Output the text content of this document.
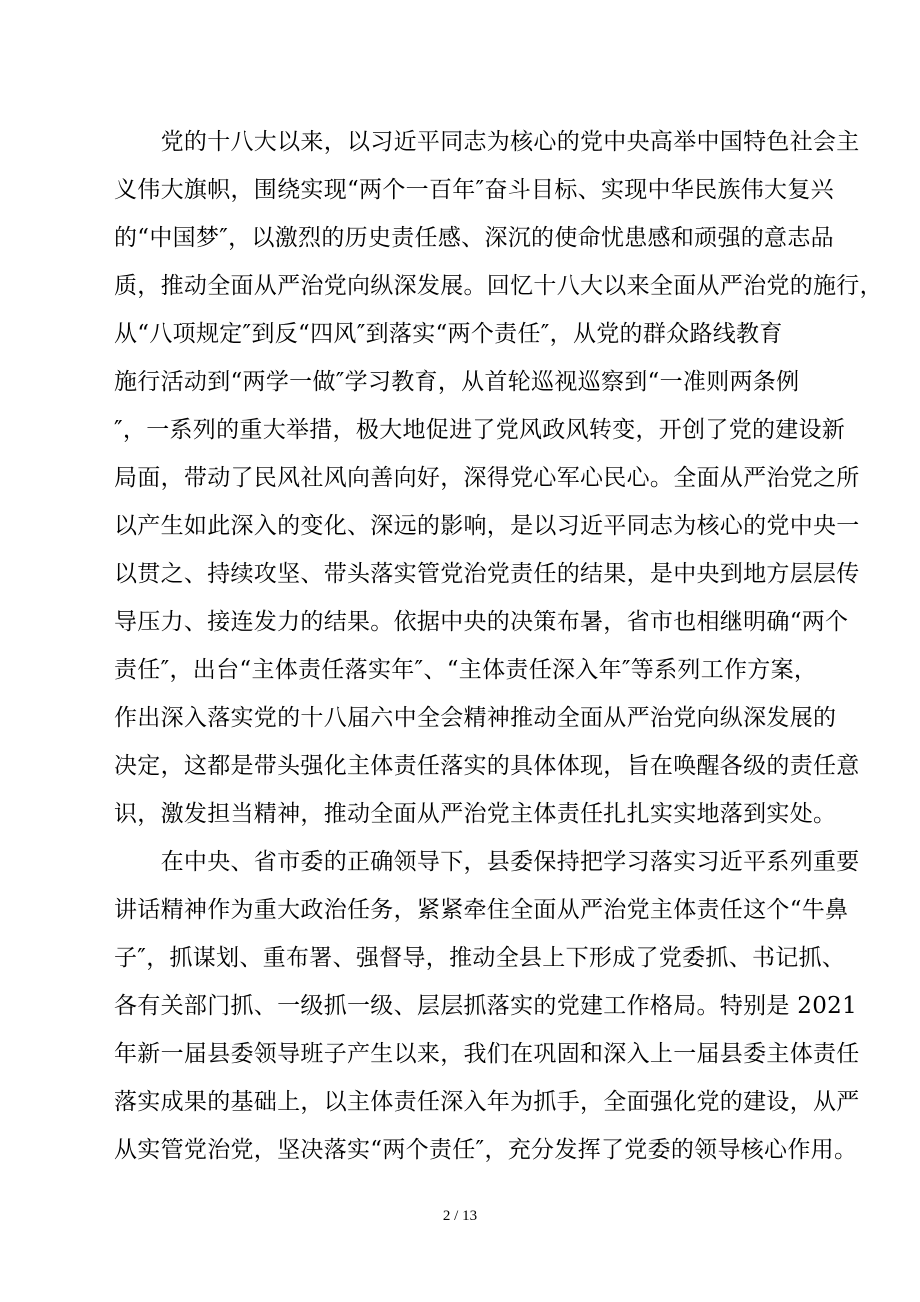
　　党的十八大以来，以习近平同志为核心的党中央高举中国特色社会主
义伟大旗帜，围绕实现“两个一百年″奋斗目标、实现中华民族伟大复兴
的“中国梦″，以激烈的历史责任感、深沉的使命忧患感和顽强的意志品
质，推动全面从严治党向纵深发展。回忆十八大以来全面从严治党的施行，
从“八项规定″到反“四风″到落实“两个责任″，从党的群众路线教育
施行活动到“两学一做″学习教育，从首轮巡视巡察到“一准则两条例
″，一系列的重大举措，极大地促进了党风政风转变，开创了党的建设新
局面，带动了民风社风向善向好，深得党心军心民心。全面从严治党之所
以产生如此深入的变化、深远的影响，是以习近平同志为核心的党中央一
以贯之、持续攻坚、带头落实管党治党责任的结果，是中央到地方层层传
导压力、接连发力的结果。依据中央的决策布暑，省市也相继明确“两个
责任″，出台“主体责任落实年″、“主体责任深入年″等系列工作方案，
作出深入落实党的十八届六中全会精神推动全面从严治党向纵深发展的
决定，这都是带头强化主体责任落实的具体体现，旨在唤醒各级的责任意
识，激发担当精神，推动全面从严治党主体责任扎扎实实地落到实处。
　　在中央、省市委的正确领导下，县委保持把学习落实习近平系列重要
讲话精神作为重大政治任务，紧紧牵住全面从严治党主体责任这个“牛鼻
子″，抓谋划、重布署、强督导，推动全县上下形成了党委抓、书记抓、
各有关部门抓、一级抓一级、层层抓落实的党建工作格局。特别是 2021
年新一届县委领导班子产生以来，我们在巩固和深入上一届县委主体责任
落实成果的基础上，以主体责任深入年为抓手，全面强化党的建设，从严
从实管党治党，坚决落实“两个责任″，充分发挥了党委的领导核心作用。
2 / 13
